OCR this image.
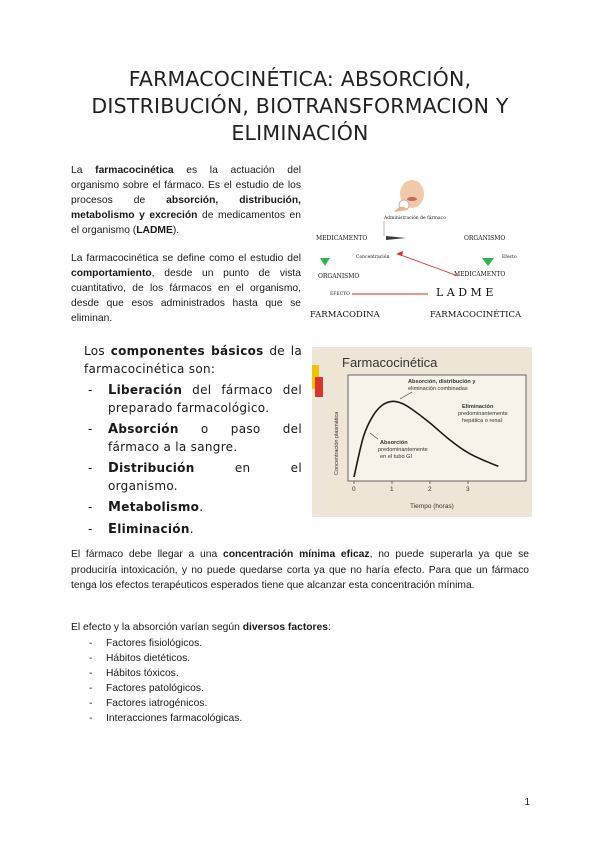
FARMACOCINÉTICA: ABSORCIÓN,
DISTRIBUCIÓN, BIOTRANSFORMACION Y
ELIMINACIÓN

La farmacocinética es la actuación del organismo sobre el fármaco. Es el estudio de los procesos de absorción, distribución, metabolismo y excreción de medicamentos en el organismo (LADME).

La farmacocinética se define como el estudio del comportamiento, desde un punto de vista cuantitativo, de los fármacos en el organismo, desde que esos administrados hasta que se eliminan.

Administración de fármaco
MEDICAMENTO	ORGANISMO
Concentración	Efecto
ORGANISMO	MEDICAMENTO
EFECTO	L A D M E
FARMACODINA	FARMACOCINÉTICA

Los componentes básicos de la farmacocinética son:

- Liberación del fármaco del preparado farmacológico.
- Absorción o paso del fármaco a la sangre.
- Distribución en el organismo.
- Metabolismo.
- Eliminación.
Farmacocinética
Concentración plasmática
Tiempo (horas)
0	1	2	3
Absorción, distribución y
eliminación combinadas
Eliminación
predominantemente
hepática o renal
Absorción
predominantemente
en el tubo GI
El fármaco debe llegar a una concentración mínima eficaz, no puede superarla ya que se produciría intoxicación, y no puede quedarse corta ya que no haría efecto. Para que un fármaco tenga los efectos terapéuticos esperados tiene que alcanzar esta concentración mínima.

El efecto y la absorción varían según diversos factores:

- Factores fisiológicos.
- Hábitos dietéticos.
- Hábitos tóxicos.
- Factores patológicos.
- Factores iatrogénicos.
- Interacciones farmacológicas.
1
